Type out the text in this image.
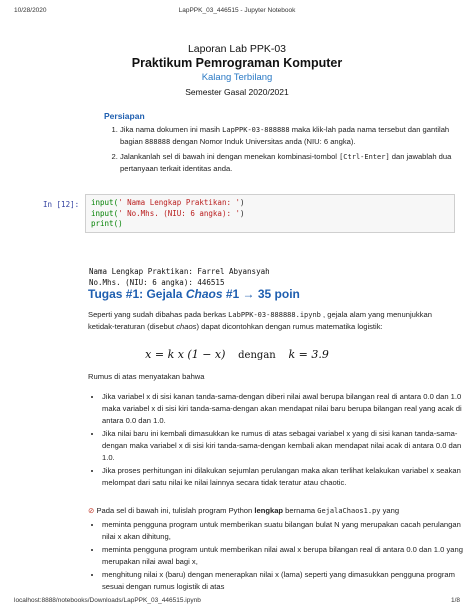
10/28/2020	LapPPK_03_446515 - Jupyter Notebook
Laporan Lab PPK-03
Praktikum Pemrograman Komputer
Kalang Terbilang
Semester Gasal 2020/2021
Persiapan
1. Jika nama dokumen ini masih LapPPK-03-888888 maka klik-lah pada nama tersebut dan gantilah bagian 888888 dengan Nomor Induk Universitas anda (NIU: 6 angka).
2. Jalankanlah sel di bawah ini dengan menekan kombinasi-tombol [Ctrl-Enter] dan jawablah dua pertanyaan terkait identitas anda.
In [12]: input(' Nama Lengkap Praktikan: ')
input(' No.Mhs. (NIU: 6 angka): ')
print()
Nama Lengkap Praktikan: Farrel Abyansyah
No.Mhs. (NIU: 6 angka): 446515
Tugas #1: Gejala Chaos #1 → 35 poin
Seperti yang sudah dibahas pada berkas LabPPK-03-888888.ipynb , gejala alam yang menunjukkan ketidak-teraturan (disebut chaos) dapat dicontohkan dengan rumus matematika logistik:
x = k x (1 − x) dengan k = 3.9
Rumus di atas menyatakan bahwa
• Jika variabel x di sisi kanan tanda-sama-dengan diberi nilai awal berupa bilangan real di antara 0.0 dan 1.0 maka variabel x di sisi kiri tanda-sama-dengan akan mendapat nilai baru berupa bilangan real yang acak di antara 0.0 dan 1.0.
• Jika nilai baru ini kembali dimasukkan ke rumus di atas sebagai variabel x yang di sisi kanan tanda-sama-dengan maka variabel x di sisi kiri tanda-sama-dengan kembali akan mendapat nilai acak di antara 0.0 dan 1.0.
• Jika proses perhitungan ini dilakukan sejumlan perulangan maka akan terlihat kelakukan variabel x seakan melompat dari satu nilai ke nilai lainnya secara tidak teratur atau chaotic.
⊘ Pada sel di bawah ini, tulislah program Python lengkap bernama GejalaChaos1.py yang
• meminta pengguna program untuk memberikan suatu bilangan bulat N yang merupakan cacah perulangan nilai x akan dihitung,
• meminta pengguna program untuk memberikan nilai awal x berupa bilangan real di antara 0.0 dan 1.0 yang merupakan nilai awal bagi x,
• menghitung nilai x (baru) dengan menerapkan nilai x (lama) seperti yang dimasukkan pengguna program sesuai dengan rumus logistik di atas
localhost:8888/notebooks/Downloads/LapPPK_03_446515.ipynb	1/8
